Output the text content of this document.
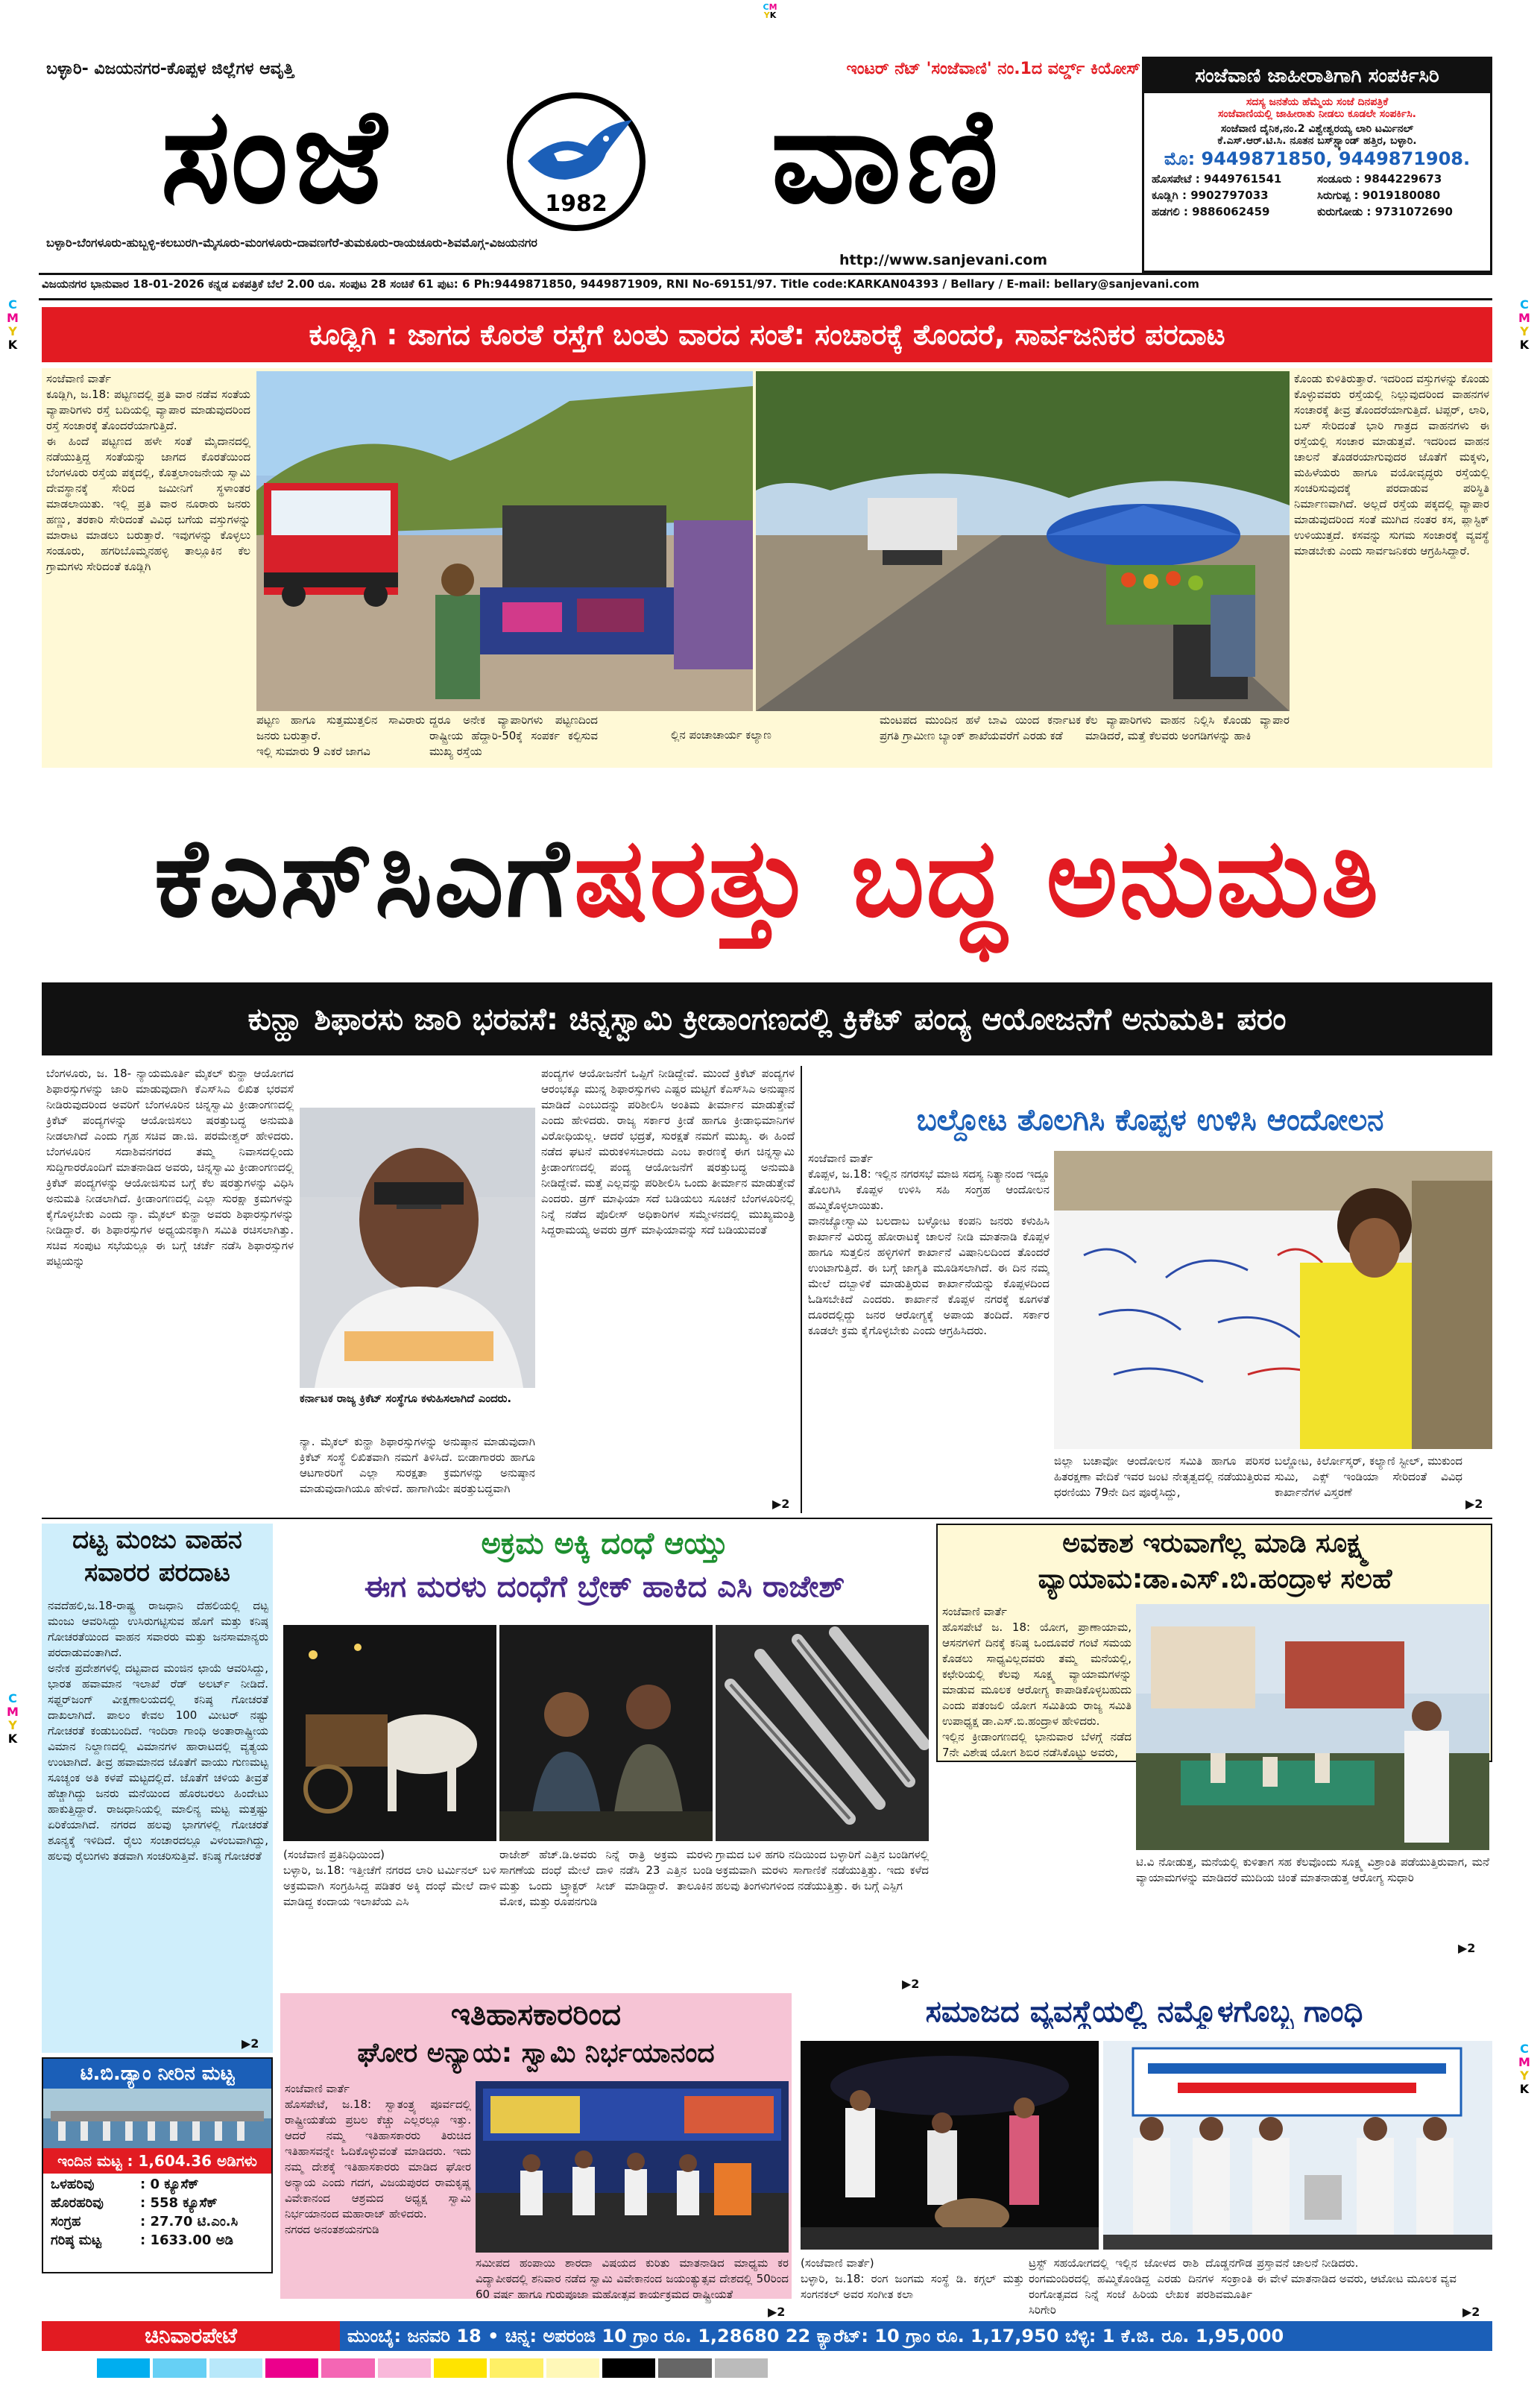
CM
YK
C
M
Y
K
C
M
Y
K
C
M
Y
K
C
M
Y
K
ಬಳ್ಳಾರಿ- ವಿಜಯನಗರ-ಕೊಪ್ಪಳ ಜಿಲ್ಲೆಗಳ ಆವೃತ್ತಿ	ಇಂಟರ್ ನೆಟ್ 'ಸಂಜೆವಾಣಿ' ನಂ.1ದ ವರ್ಲ್ಡ್ ಕಿಯೋಸ್
ಸಂಜೆ	1982	ವಾಣಿ
ಬಳ್ಳಾರಿ-ಬೆಂಗಳೂರು-ಹುಬ್ಬಳ್ಳಿ-ಕಲಬುರಗಿ-ಮೈಸೂರು-ಮಂಗಳೂರು-ದಾವಣಗೆರೆ-ತುಮಕೂರು-ರಾಯಚೂರು-ಶಿವಮೊಗ್ಗ-ವಿಜಯನಗರ
http://www.sanjevani.com
ಸಂಜೆವಾಣಿ ಜಾಹೀರಾತಿಗಾಗಿ ಸಂಪರ್ಕಿಸಿರಿ
ಸದಸ್ಯ ಜನತೆಯ ಹೆಮ್ಮೆಯ ಸಂಜೆ ದಿನಪತ್ರಿಕೆ
ಸಂಜೆವಾಣಿಯಲ್ಲಿ ಜಾಹೀರಾತು ನೀಡಲು ಕೂಡಲೇ ಸಂಪರ್ಕಿಸಿ.
ಸಂಜೆವಾಣಿ ದೈನಿಕ,ನಂ.2 ವಿಶ್ವೇಶ್ವರಯ್ಯ ಲಾರಿ ಟರ್ಮಿನಲ್
ಕೆ.ಎಸ್.ಆರ್.ಟಿ.ಸಿ. ನೂತನ ಬಸ್‌ಸ್ಟ್ಯಾಂಡ್ ಹತ್ತಿರ, ಬಳ್ಳಾರಿ.
ಮೊ: 9449871850, 9449871908.
ಹೊಸಪೇಟೆ : 9449761541	ಸಂಡೂರು : 9844229673
ಕೂಡ್ಲಿಗಿ : 9902797033	ಸಿರುಗುಪ್ಪ : 9019180080
ಹಡಗಲಿ : 9886062459	ಕುರುಗೋಡು : 9731072690
ವಿಜಯನಗರ ಭಾನುವಾರ 18-01-2026 ಕನ್ನಡ ಏಕಪತ್ರಿಕೆ ಬೆಲೆ 2.00 ರೂ. ಸಂಪುಟ 28 ಸಂಚಿಕೆ 61 ಪುಟ: 6 Ph:9449871850, 9449871909, RNI No-69151/97. Title code:KARKAN04393 / Bellary / E-mail: bellary@sanjevani.com
ಕೂಡ್ಲಿಗಿ : ಜಾಗದ ಕೊರತೆ ರಸ್ತೆಗೆ ಬಂತು ವಾರದ ಸಂತೆ: ಸಂಚಾರಕ್ಕೆ ತೊಂದರೆ, ಸಾರ್ವಜನಿಕರ ಪರದಾಟ
ಸಂಜೆವಾಣಿ ವಾರ್ತೆ
ಕೂಡ್ಲಿಗಿ, ಜ.18: ಪಟ್ಟಣದಲ್ಲಿ ಪ್ರತಿ ವಾರ ನಡೆವ ಸಂತೆಯ ವ್ಯಾಪಾರಿಗಳು ರಸ್ತೆ ಬದಿಯಲ್ಲಿ ವ್ಯಾಪಾರ ಮಾಡುವುದರಿಂದ ರಸ್ತೆ ಸಂಚಾರಕ್ಕೆ ತೊಂದರೆಯಾಗುತ್ತಿದೆ.
ಈ ಹಿಂದೆ ಪಟ್ಟಣದ ಹಳೇ ಸಂತೆ ಮೈದಾನದಲ್ಲಿ ನಡೆಯುತ್ತಿದ್ದ ಸಂತೆಯನ್ನು ಜಾಗದ ಕೊರತೆಯಿಂದ ಬೆಂಗಳೂರು ರಸ್ತೆಯ ಪಕ್ಕದಲ್ಲಿ, ಕೊತ್ತಲಾಂಜನೇಯ ಸ್ವಾಮಿ ದೇವಸ್ಥಾನಕ್ಕೆ ಸೇರಿದ ಜಮೀನಿಗೆ ಸ್ಥಳಾಂತರ ಮಾಡಲಾಯಿತು. ಇಲ್ಲಿ ಪ್ರತಿ ವಾರ ನೂರಾರು ಜನರು ಹಣ್ಣು, ತರಕಾರಿ ಸೇರಿದಂತೆ ವಿವಿಧ ಬಗೆಯ ವಸ್ತುಗಳನ್ನು ಮಾರಾಟ ಮಾಡಲು ಬರುತ್ತಾರೆ. ಇವುಗಳನ್ನು ಕೊಳ್ಳಲು ಸಂಡೂರು, ಹಗರಿಬೊಮ್ಮನಹಳ್ಳಿ ತಾಲ್ಲೂಕಿನ ಕೆಲ ಗ್ರಾಮಗಳು ಸೇರಿದಂತೆ ಕೂಡ್ಲಿಗಿ
ಕೊಂಡು ಕುಳಿತಿರುತ್ತಾರೆ. ಇದರಿಂದ ವಸ್ತುಗಳನ್ನು ಕೊಂಡು ಕೊಳ್ಳುವವರು ರಸ್ತೆಯಲ್ಲಿ ನಿಲ್ಲುವುದರಿಂದ ವಾಹನಗಳ ಸಂಚಾರಕ್ಕೆ ತೀವ್ರ ತೊಂದರೆಯಾಗುತ್ತಿದೆ. ಟಿಪ್ಪರ್, ಲಾರಿ, ಬಸ್ ಸೇರಿದಂತೆ ಭಾರಿ ಗಾತ್ರದ ವಾಹನಗಳು ಈ ರಸ್ತೆಯಲ್ಲಿ ಸಂಚಾರ ಮಾಡುತ್ತವೆ. ಇದರಿಂದ ವಾಹನ ಚಾಲನೆ ತೊಡರಯಾಗುವುದರ ಜೊತೆಗೆ ಮಕ್ಕಳು, ಮಹಿಳೆಯರು ಹಾಗೂ ವಯೋವೃದ್ಧರು ರಸ್ತೆಯಲ್ಲಿ ಸಂಚರಿಸುವುದಕ್ಕೆ ಪರದಾಡುವ ಪರಿಸ್ಥಿತಿ ನಿರ್ಮಾಣವಾಗಿದೆ. ಅಲ್ಲದೆ ರಸ್ತೆಯ ಪಕ್ಕದಲ್ಲಿ ವ್ಯಾಪಾರ ಮಾಡುವುದರಿಂದ ಸಂತೆ ಮುಗಿದ ನಂತರ ಕಸ, ಪ್ಲಾಸ್ಟಿಕ್ ಉಳಿಯುತ್ತದೆ. ಕಸವನ್ನು ಸುಗಮ ಸಂಚಾರಕ್ಕೆ ವ್ಯವಸ್ಥೆ ಮಾಡಬೇಕು ಎಂದು ಸಾರ್ವಜನಿಕರು ಆಗ್ರಹಿಸಿದ್ದಾರೆ.
ಪಟ್ಟಣ ಹಾಗೂ ಸುತ್ತಮುತ್ತಲಿನ ಸಾವಿರಾರು ಜನರು ಬರುತ್ತಾರೆ.
ಇಲ್ಲಿ ಸುಮಾರು 9 ಎಕರೆ ಜಾಗವಿ
ದ್ದರೂ ಅನೇಕ ವ್ಯಾಪಾರಿಗಳು ಪಟ್ಟಣದಿಂದ ರಾಷ್ಟ್ರೀಯ ಹೆದ್ದಾರಿ-50ಕ್ಕೆ ಸಂಪರ್ಕ ಕಲ್ಪಿಸುವ ಮುಖ್ಯ ರಸ್ತೆಯ
ಲ್ಲಿನ ಪಂಚಾಚಾರ್ಯ ಕಲ್ಯಾಣ
ಮಂಟಪದ ಮುಂದಿನ ಹಳೆ ಬಾವಿ ಯಿಂದ ಕರ್ನಾಟಕ ಪ್ರಗತಿ ಗ್ರಾಮೀಣ ಬ್ಯಾಂಕ್ ಶಾಖೆಯವರೆಗೆ ಎರಡು ಕಡೆ
ಕೆಲ ವ್ಯಾಪಾರಿಗಳು ವಾಹನ ನಿಲ್ಲಿಸಿ ಕೊಂಡು ವ್ಯಾಪಾರ ಮಾಡಿದರೆ, ಮತ್ತೆ ಕೆಲವರು ಅಂಗಡಿಗಳನ್ನು ಹಾಕಿ
ಕೆಎಸ್‌ಸಿಎಗೆ ಷರತ್ತು ಬದ್ಧ ಅನುಮತಿ
ಕುನ್ಹಾ ಶಿಫಾರಸು ಜಾರಿ ಭರವಸೆ: ಚಿನ್ನಸ್ವಾಮಿ ಕ್ರೀಡಾಂಗಣದಲ್ಲಿ ಕ್ರಿಕೆಟ್ ಪಂದ್ಯ ಆಯೋಜನೆಗೆ ಅನುಮತಿ: ಪರಂ
ಬೆಂಗಳೂರು, ಜ. 18- ನ್ಯಾಯಮೂರ್ತಿ ಮೈಕಲ್ ಕುನ್ಹಾ ಆಯೋಗದ ಶಿಫಾರಸ್ಸುಗಳನ್ನು ಜಾರಿ ಮಾಡುವುದಾಗಿ ಕೆಎಸ್‌ಸಿಎ ಲಿಖಿತ ಭರವಸೆ ನೀಡಿರುವುದರಿಂದ ಅವರಿಗೆ ಬೆಂಗಳೂರಿನ ಚಿನ್ನಸ್ವಾಮಿ ಕ್ರೀಡಾಂಗಣದಲ್ಲಿ ಕ್ರಿಕೆಟ್ ಪಂದ್ಯಗಳನ್ನು ಆಯೋಜಿಸಲು ಷರತ್ತುಬದ್ಧ ಅನುಮತಿ ನೀಡಲಾಗಿದೆ ಎಂದು ಗೃಹ ಸಚಿವ ಡಾ.ಜಿ. ಪರಮೇಶ್ವರ್ ಹೇಳಿದರು. ಬೆಂಗಳೂರಿನ ಸದಾಶಿವನಗರದ ತಮ್ಮ ನಿವಾಸದಲ್ಲಿಂದು ಸುದ್ದಿಗಾರರೊಂದಿಗೆ ಮಾತನಾಡಿದ ಅವರು, ಚಿನ್ನಸ್ವಾಮಿ ಕ್ರೀಡಾಂಗಣದಲ್ಲಿ ಕ್ರಿಕೆಟ್ ಪಂದ್ಯಗಳನ್ನು ಆಯೋಜಿಸುವ ಬಗ್ಗೆ ಕೆಲ ಷರತ್ತುಗಳನ್ನು ವಿಧಿಸಿ ಅನುಮತಿ ನೀಡಲಾಗಿದೆ. ಕ್ರೀಡಾಂಗಣದಲ್ಲಿ ಎಲ್ಲಾ ಸುರಕ್ಷಾ ಕ್ರಮಗಳನ್ನು ಕೈಗೊಳ್ಳಬೇಕು ಎಂದು ನ್ಯಾ. ಮೈಕಲ್ ಕುನ್ಹಾ ಅವರು ಶಿಫಾರಸ್ಸುಗಳನ್ನು ನೀಡಿದ್ದಾರೆ. ಈ ಶಿಫಾರಸ್ಸುಗಳ ಅಧ್ಯಯನಕ್ಕಾಗಿ ಸಮಿತಿ ರಚಿಸಲಾಗಿತ್ತು. ಸಚಿವ ಸಂಪುಟ ಸಭೆಯಲ್ಲೂ ಈ ಬಗ್ಗೆ ಚರ್ಚೆ ನಡೆಸಿ ಶಿಫಾರಸ್ಸುಗಳ ಪಟ್ಟಿಯನ್ನು
ಕರ್ನಾಟಕ ರಾಜ್ಯ ಕ್ರಿಕೆಟ್ ಸಂಸ್ಥೆಗೂ ಕಳುಹಿಸಲಾಗಿದೆ ಎಂದರು.
ನ್ಯಾ. ಮೈಕಲ್ ಕುನ್ಹಾ ಶಿಫಾರಸ್ಸುಗಳನ್ನು ಅನುಷ್ಠಾನ ಮಾಡುವುದಾಗಿ ಕ್ರಿಕೆಟ್ ಸಂಸ್ಥೆ ಲಿಖಿತವಾಗಿ ನಮಗೆ ತಿಳಿಸಿದೆ. ಬೀಡಾಗಾರರು ಹಾಗೂ ಆಟಗಾರರಿಗೆ ಎಲ್ಲಾ ಸುರಕ್ಷತಾ ಕ್ರಮಗಳನ್ನು ಅನುಷ್ಠಾನ ಮಾಡುವುದಾಗಿಯೂ ಹೇಳಿದೆ. ಹಾಗಾಗಿಯೇ ಷರತ್ತುಬದ್ಧವಾಗಿ
▶2
ಪಂದ್ಯಗಳ ಆಯೋಜನೆಗೆ ಒಪ್ಪಿಗೆ ನೀಡಿದ್ದೇವೆ. ಮುಂದೆ ಕ್ರಿಕೆಟ್ ಪಂದ್ಯಗಳ ಆರಂಭಕ್ಕೂ ಮುನ್ನ ಶಿಫಾರಸ್ಸುಗಳು ಎಷ್ಟರ ಮಟ್ಟಿಗೆ ಕೆಎಸ್‌ಸಿಎ ಅನುಷ್ಠಾನ ಮಾಡಿದೆ ಎಂಬುದನ್ನು ಪರಿಶೀಲಿಸಿ ಅಂತಿಮ ತೀರ್ಮಾನ ಮಾಡುತ್ತೇವೆ ಎಂದು ಹೇಳಿದರು. ರಾಜ್ಯ ಸರ್ಕಾರ ಕ್ರೀಡೆ ಹಾಗೂ ಕ್ರೀಡಾಭಿಮಾನಿಗಳ ವಿರೋಧಿಯಲ್ಲ. ಆದರೆ ಭದ್ರತೆ, ಸುರಕ್ಷತೆ ನಮಗೆ ಮುಖ್ಯ. ಈ ಹಿಂದೆ ನಡೆದ ಘಟನೆ ಮರುಕಳಿಸಬಾರದು ಎಂಬ ಕಾರಣಕ್ಕೆ ಈಗ ಚಿನ್ನಸ್ವಾಮಿ ಕ್ರೀಡಾಂಗಣದಲ್ಲಿ ಪಂದ್ಯ ಆಯೋಜನೆಗೆ ಷರತ್ತುಬದ್ಧ ಅನುಮತಿ ನೀಡಿದ್ದೇವೆ. ಮತ್ತೆ ಎಲ್ಲವನ್ನು ಪರಿಶೀಲಿಸಿ ಒಂದು ತೀರ್ಮಾನ ಮಾಡುತ್ತೇವೆ ಎಂದರು. ಡ್ರಗ್ ಮಾಫಿಯಾ ಸದೆ ಬಡಿಯಲು ಸೂಚನೆ ಬೆಂಗಳೂರಿನಲ್ಲಿ ನಿನ್ನೆ ನಡೆದ ಪೊಲೀಸ್ ಅಧಿಕಾರಿಗಳ ಸಮ್ಮೇಳನದಲ್ಲಿ ಮುಖ್ಯಮಂತ್ರಿ ಸಿದ್ದರಾಮಯ್ಯ ಅವರು ಡ್ರಗ್ ಮಾಫಿಯಾವನ್ನು ಸದೆ ಬಡಿಯುವಂತೆ
ಬಲ್ದೋಟ ತೊಲಗಿಸಿ ಕೊಪ್ಪಳ ಉಳಿಸಿ ಆಂದೋಲನ
ಸಂಜೆವಾಣಿ ವಾರ್ತೆ
ಕೊಪ್ಪಳ, ಜ.18: ಇಲ್ಲಿನ ನಗರಸಭೆ ಮಾಜಿ ಸದಸ್ಯ ನಿತ್ಯಾನಂದ ಇದ್ದೂ ತೊಲಗಿಸಿ ಕೊಪ್ಪಳ ಉಳಿಸಿ ಸಹಿ ಸಂಗ್ರಹ ಆಂದೋಲನ ಹಮ್ಮಿಕೊಳ್ಳಲಾಯಿತು.
ವಾನಜ್ಯೋಸ್ವಾಮಿ ಬಲದಾಬ ಬಳ್ಳೋಟ ಕಂಪನಿ ಜನರು ಕಳುಹಿಸಿ ಕಾರ್ಖಾನೆ ವಿರುದ್ಧ ಹೋರಾಟಕ್ಕೆ ಚಾಲನೆ ನೀಡಿ ಮಾತನಾಡಿ ಕೊಪ್ಪಳ ಹಾಗೂ ಸುತ್ತಲಿನ ಹಳ್ಳಿಗಳಿಗೆ ಕಾರ್ಖಾನೆ ವಿಷಾನಿಲದಿಂದ ತೊಂದರೆ ಉಂಟಾಗುತ್ತಿದೆ. ಈ ಬಗ್ಗೆ ಜಾಗೃತಿ ಮೂಡಿಸಲಾಗಿದೆ. ಈ ದಿನ ನಮ್ಮ ಮೇಲೆ ದಬ್ಬಾಳಿಕೆ ಮಾಡುತ್ತಿರುವ ಕಾರ್ಖಾನೆಯನ್ನು ಕೊಪ್ಪಳದಿಂದ ಓಡಿಸಬೇಕಿದೆ ಎಂದರು. ಕಾರ್ಖಾನೆ ಕೊಪ್ಪಳ ನಗರಕ್ಕೆ ಕೂಗಳತೆ ದೂರದಲ್ಲಿದ್ದು ಜನರ ಆರೋಗ್ಯಕ್ಕೆ ಅಪಾಯ ತಂದಿದೆ. ಸರ್ಕಾರ ಕೂಡಲೇ ಕ್ರಮ ಕೈಗೊಳ್ಳಬೇಕು ಎಂದು ಆಗ್ರಹಿಸಿದರು.
ಜಿಲ್ಲಾ ಬಚಾವೋ ಆಂದೋಲನ ಸಮಿತಿ ಹಾಗೂ ಪರಿಸರ ಹಿತರಕ್ಷಣಾ ವೇದಿಕೆ ಇವರ ಜಂಟಿ ನೇತೃತ್ವದಲ್ಲಿ ನಡೆಯುತ್ತಿರುವ ಧರಣಿಯು 79ನೇ ದಿನ ಪೂರೈಸಿದ್ದು,
ಬಲ್ಡೋಟ, ಕಿರ್ಲೋಸ್ಕರ್, ಕಲ್ಯಾಣಿ ಸ್ಟೀಲ್, ಮುಕುಂದ ಸುಮಿ, ಎಕ್ಸ್ ಇಂಡಿಯಾ ಸೇರಿದಂತೆ ವಿವಿಧ ಕಾರ್ಖಾನೆಗಳ ವಿಸ್ತರಣೆ
▶2
ದಟ್ಟ ಮಂಜು ವಾಹನ
ಸವಾರರ ಪರದಾಟ
ನವದೆಹಲಿ,ಜ.18-ರಾಷ್ಟ್ರ ರಾಜಧಾನಿ ದೆಹಲಿಯಲ್ಲಿ ದಟ್ಟ ಮಂಜು ಆವರಿಸಿದ್ದು ಉಸಿರುಗಟ್ಟಿಸುವ ಹೊಗೆ ಮತ್ತು ಕನಿಷ್ಠ ಗೋಚರತೆಯಿಂದ ವಾಹನ ಸವಾರರು ಮತ್ತು ಜನಸಾಮಾನ್ಯರು ಪರದಾಡುವಂತಾಗಿದೆ.
ಅನೇಕ ಪ್ರದೇಶಗಳಲ್ಲಿ ದಟ್ಟವಾದ ಮಂಜಿನ ಛಾಯೆ ಆವರಿಸಿದ್ದು, ಭಾರತ ಹವಾಮಾನ ಇಲಾಖೆ ರೆಡ್ ಅಲರ್ಟ್ ನೀಡಿದೆ. ಸಫ್ದರ್‌ಜಂಗ್ ವೀಕ್ಷಣಾಲಯದಲ್ಲಿ ಕನಿಷ್ಠ ಗೋಚರತೆ ದಾಖಲಾಗಿದೆ. ಪಾಲಂ ಕೇವಲ 100 ಮೀಟರ್ ನಷ್ಟು ಗೋಚರತೆ ಕಂಡುಬಂದಿದೆ. ಇಂದಿರಾ ಗಾಂಧಿ ಅಂತಾರಾಷ್ಟ್ರೀಯ ವಿಮಾನ ನಿಲ್ದಾಣದಲ್ಲಿ ವಿಮಾನಗಳ ಹಾರಾಟದಲ್ಲಿ ವ್ಯತ್ಯಯ ಉಂಟಾಗಿದೆ. ತೀವ್ರ ಹವಾಮಾನದ ಜೊತೆಗೆ ವಾಯು ಗುಣಮಟ್ಟ ಸೂಚ್ಯಂಕ ಅತಿ ಕಳಪೆ ಮಟ್ಟದಲ್ಲಿದೆ. ಜೊತೆಗೆ ಚಳಿಯ ತೀವ್ರತೆ ಹೆಚ್ಚಾಗಿದ್ದು ಜನರು ಮನೆಯಿಂದ ಹೊರಬರಲು ಹಿಂದೇಟು ಹಾಕುತ್ತಿದ್ದಾರೆ. ರಾಜಧಾನಿಯಲ್ಲಿ ಮಾಲಿನ್ಯ ಮಟ್ಟ ಮತ್ತಷ್ಟು ಏರಿಕೆಯಾಗಿದೆ. ನಗರದ ಹಲವು ಭಾಗಗಳಲ್ಲಿ ಗೋಚರತೆ ಶೂನ್ಯಕ್ಕೆ ಇಳಿದಿದೆ. ರೈಲು ಸಂಚಾರದಲ್ಲೂ ವಿಳಂಬವಾಗಿದ್ದು, ಹಲವು ರೈಲುಗಳು ತಡವಾಗಿ ಸಂಚರಿಸುತ್ತಿವೆ. ಕನಿಷ್ಠ ಗೋಚರತೆ
▶2
ಟಿ.ಬಿ.ಡ್ಯಾಂ ನೀರಿನ ಮಟ್ಟ
ಇಂದಿನ ಮಟ್ಟ : 1,604.36 ಅಡಿಗಳು
ಒಳಹರಿವು	: 0 ಕ್ಯೂಸೆಕ್
ಹೊರಹರಿವು	: 558 ಕ್ಯೂಸೆಕ್
ಸಂಗ್ರಹ	: 27.70 ಟಿ.ಎಂ.ಸಿ
ಗರಿಷ್ಠ ಮಟ್ಟ	: 1633.00 ಅಡಿ
ಅಕ್ರಮ ಅಕ್ಕಿ ದಂಧೆ ಆಯ್ತು
ಈಗ ಮರಳು ದಂಧೆಗೆ ಬ್ರೇಕ್ ಹಾಕಿದ ಎಸಿ ರಾಜೇಶ್
(ಸಂಜೆವಾಣಿ ಪ್ರತಿನಿಧಿಯಿಂದ)
ಬಳ್ಳಾರಿ, ಜ.18: ಇತ್ತೀಚೆಗೆ ನಗರದ ಲಾರಿ ಟರ್ಮಿನಲ್ ಬಳಿ ಅಕ್ರಮವಾಗಿ ಸಂಗ್ರಹಿಸಿದ್ದ ಪಡಿತರ ಅಕ್ಕಿ ದಂಧೆ ಮೇಲೆ ದಾಳಿ ಮಾಡಿದ್ದ ಕಂದಾಯ ಇಲಾಖೆಯ ಎಸಿ
ರಾಜೇಶ್ ಹೆಚ್.ಡಿ.ಅವರು ನಿನ್ನೆ ರಾತ್ರಿ ಅಕ್ರಮ ಮರಳು ಸಾಗಣೆಯ ದಂಧೆ ಮೇಲೆ ದಾಳಿ ನಡೆಸಿ 23 ಎತ್ತಿನ ಬಂಡಿ ಮತ್ತು ಒಂದು ಟ್ರ್ಯಾಕ್ಟರ್ ಸೀಜ್ ಮಾಡಿದ್ದಾರೆ. ತಾಲೂಕಿನ ಮೋಕ, ಮತ್ತು ರೂಪನಗುಡಿ
ಗ್ರಾಮದ ಬಳಿ ಹಗರಿ ನದಿಯಿಂದ ಬಳ್ಳಾರಿಗೆ ಎತ್ತಿನ ಬಂಡಿಗಳಲ್ಲಿ ಅಕ್ರಮವಾಗಿ ಮರಳು ಸಾಗಾಣಿಕೆ ನಡೆಯುತ್ತಿತ್ತು. ಇದು ಕಳೆದ ಹಲವು ತಿಂಗಳುಗಳಿಂದ ನಡೆಯುತ್ತಿತ್ತು. ಈ ಬಗ್ಗೆ ಎಸ್ಪಿಗ
▶2
ಅವಕಾಶ ಇರುವಾಗೆಲ್ಲ ಮಾಡಿ ಸೂಕ್ಷ್ಮ
ವ್ಯಾಯಾಮ:ಡಾ.ಎಸ್.ಬಿ.ಹಂದ್ರಾಳ ಸಲಹೆ
ಸಂಜೆವಾಣಿ ವಾರ್ತೆ
ಹೊಸಪೇಟೆ ಜ. 18: ಯೋಗ, ಪ್ರಾಣಾಯಾಮ, ಆಸನಗಳಿಗೆ ದಿನಕ್ಕೆ ಕನಿಷ್ಠ ಒಂದೂವರೆ ಗಂಟೆ ಸಮಯ ಕೊಡಲು ಸಾಧ್ಯವಿಲ್ಲದವರು ತಮ್ಮ ಮನೆಯಲ್ಲಿ, ಕಛೇರಿಯಲ್ಲಿ ಕೆಲವು ಸೂಕ್ಷ್ಮ ವ್ಯಾಯಾಮಗಳನ್ನು ಮಾಡುವ ಮೂಲಕ ಆರೋಗ್ಯ ಕಾಪಾಡಿಕೊಳ್ಳಬಹುದು ಎಂದು ಪತಂಜಲಿ ಯೋಗ ಸಮಿತಿಯ ರಾಜ್ಯ ಸಮಿತಿ ಉಪಾಧ್ಯಕ್ಷ ಡಾ.ಎಸ್.ಬಿ.ಹಂದ್ರಾಳ ಹೇಳಿದರು.
ಇಲ್ಲಿನ ಕ್ರೀಡಾಂಗಣದಲ್ಲಿ ಭಾನುವಾರ ಬೆಳಗ್ಗೆ ನಡೆದ 7ನೇ ವಿಶೇಷ ಯೋಗ ಶಿಬಿರ ನಡೆಸಿಕೊಟ್ಟು ಅವರು,
ಟಿ.ವಿ ನೋಡುತ್ತ, ಮನೆಯಲ್ಲಿ ಕುಳಿತಾಗ ಸಹ ಕೆಲವೊಂದು ಸೂಕ್ಷ್ಮ ವಿಶ್ರಾಂತಿ ಪಡೆಯುತ್ತಿರುವಾಗ, ಮನೆ ವ್ಯಾಯಾಮಗಳನ್ನು ಮಾಡಿದರೆ ಮುದಿಯ ಚಿಂತೆ ಮಾತನಾಡುತ್ತ ಆರೋಗ್ಯ ಸುಧಾರಿ
▶2
ಇತಿಹಾಸಕಾರರಿಂದ
ಘೋರ ಅನ್ಯಾಯ: ಸ್ವಾಮಿ ನಿರ್ಭಯಾನಂದ
ಸಂಜೆವಾಣಿ ವಾರ್ತೆ
ಹೊಸಪೇಟೆ, ಜ.18: ಸ್ವಾತಂತ್ರ್ಯ ಪೂರ್ವದಲ್ಲಿ ರಾಷ್ಟ್ರೀಯತೆಯ ಪ್ರಬಲ ಕೆಚ್ಚು ಎಲ್ಲರಲ್ಲೂ ಇತ್ತು. ಆದರೆ ನಮ್ಮ ಇತಿಹಾಸಕಾರರು ತಿರುಚಿದ ಇತಿಹಾಸವನ್ನೇ ಓದಿಕೊಳ್ಳುವಂತೆ ಮಾಡಿದರು. ಇದು ನಮ್ಮ ದೇಶಕ್ಕೆ ಇತಿಹಾಸಕಾರರು ಮಾಡಿದ ಘೋರ ಅನ್ಯಾಯ ಎಂದು ಗದಗ, ವಿಜಯಪುರದ ರಾಮಕೃಷ್ಣ ವಿವೇಕಾನಂದ ಆಶ್ರಮದ ಅಧ್ಯಕ್ಷ ಸ್ವಾಮಿ ನಿರ್ಭಯಾನಂದ ಮಹಾರಾಜ್ ಹೇಳಿದರು.
ನಗರದ ಅನಂತಶಯನಗುಡಿ
ಸಮೀಪದ ಹಂಪಾಯಿ ಶಾರದಾ ವಿಷಯದ ಕುರಿತು ಮಾತನಾಡಿದ ಮಾಧ್ಯಮ ಕರ ವಿದ್ಯಾಪೀಠದಲ್ಲಿ ಶನಿವಾರ ನಡೆದ ಸ್ವಾಮಿ ವಿವೇಕಾನಂದ ಜಯಂತ್ಯುತ್ಸವ ದೇಶದಲ್ಲಿ 50ರಿಂದ 60 ವರ್ಷ ಹಾಗೂ ಗುರುಪೂಜಾ ಮಹೋತ್ಸವ ಕಾರ್ಯಕ್ರಮದ ರಾಷ್ಟ್ರೀಯತೆ
▶2
ಸಮಾಜದ ವ್ಯವಸ್ಥೆಯಲ್ಲಿ ನಮ್ಮೊಳಗೊಬ್ಬ ಗಾಂಧಿ
(ಸಂಜೆವಾಣಿ ವಾರ್ತೆ)
ಬಳ್ಳಾರಿ, ಜ.18: ರಂಗ ಜಂಗಮ ಸಂಸ್ಥೆ ಡಿ. ಕಗ್ಗಲ್ ಮತ್ತು ಸಂಗನಕಲ್ ಅವರ ಸಂಗೀತ ಕಲಾ
ಟ್ರಸ್ಟ್ ಸಹಯೋಗದಲ್ಲಿ ಇಲ್ಲಿನ ಜೋಳದ ರಾಶಿ ದೊಡ್ಡನಗೌಡ ರಂಗಮಂದಿರದಲ್ಲಿ ಹಮ್ಮಿಕೊಂಡಿದ್ದ ಎರಡು ದಿನಗಳ ಸಂಕ್ರಾಂತಿ ರಂಗೋತ್ಸವದ ನಿನ್ನೆ ಸಂಜೆ ಹಿರಿಯ ಲೇಖಕ ಪರಶಿವಮೂರ್ತಿ ಸಿರಿಗೇರಿ
ಪ್ರಸ್ತಾವನೆ ಚಾಲನೆ ನೀಡಿದರು.
ಈ ವೇಳೆ ಮಾತನಾಡಿದ ಅವರು, ಆಟೋಟ ಮೂಲಕ ವ್ಯವ
▶2
ಚಿನಿವಾರಪೇಟೆ	ಮುಂಬೈ: ಜನವರಿ 18 • ಚಿನ್ನ: ಅಪರಂಜಿ 10 ಗ್ರಾಂ ರೂ. 1,28680 22 ಕ್ಯಾರೆಟ್: 10 ಗ್ರಾಂ ರೂ. 1,17,950 ಬೆಳ್ಳಿ: 1 ಕೆ.ಜಿ. ರೂ. 1,95,000
